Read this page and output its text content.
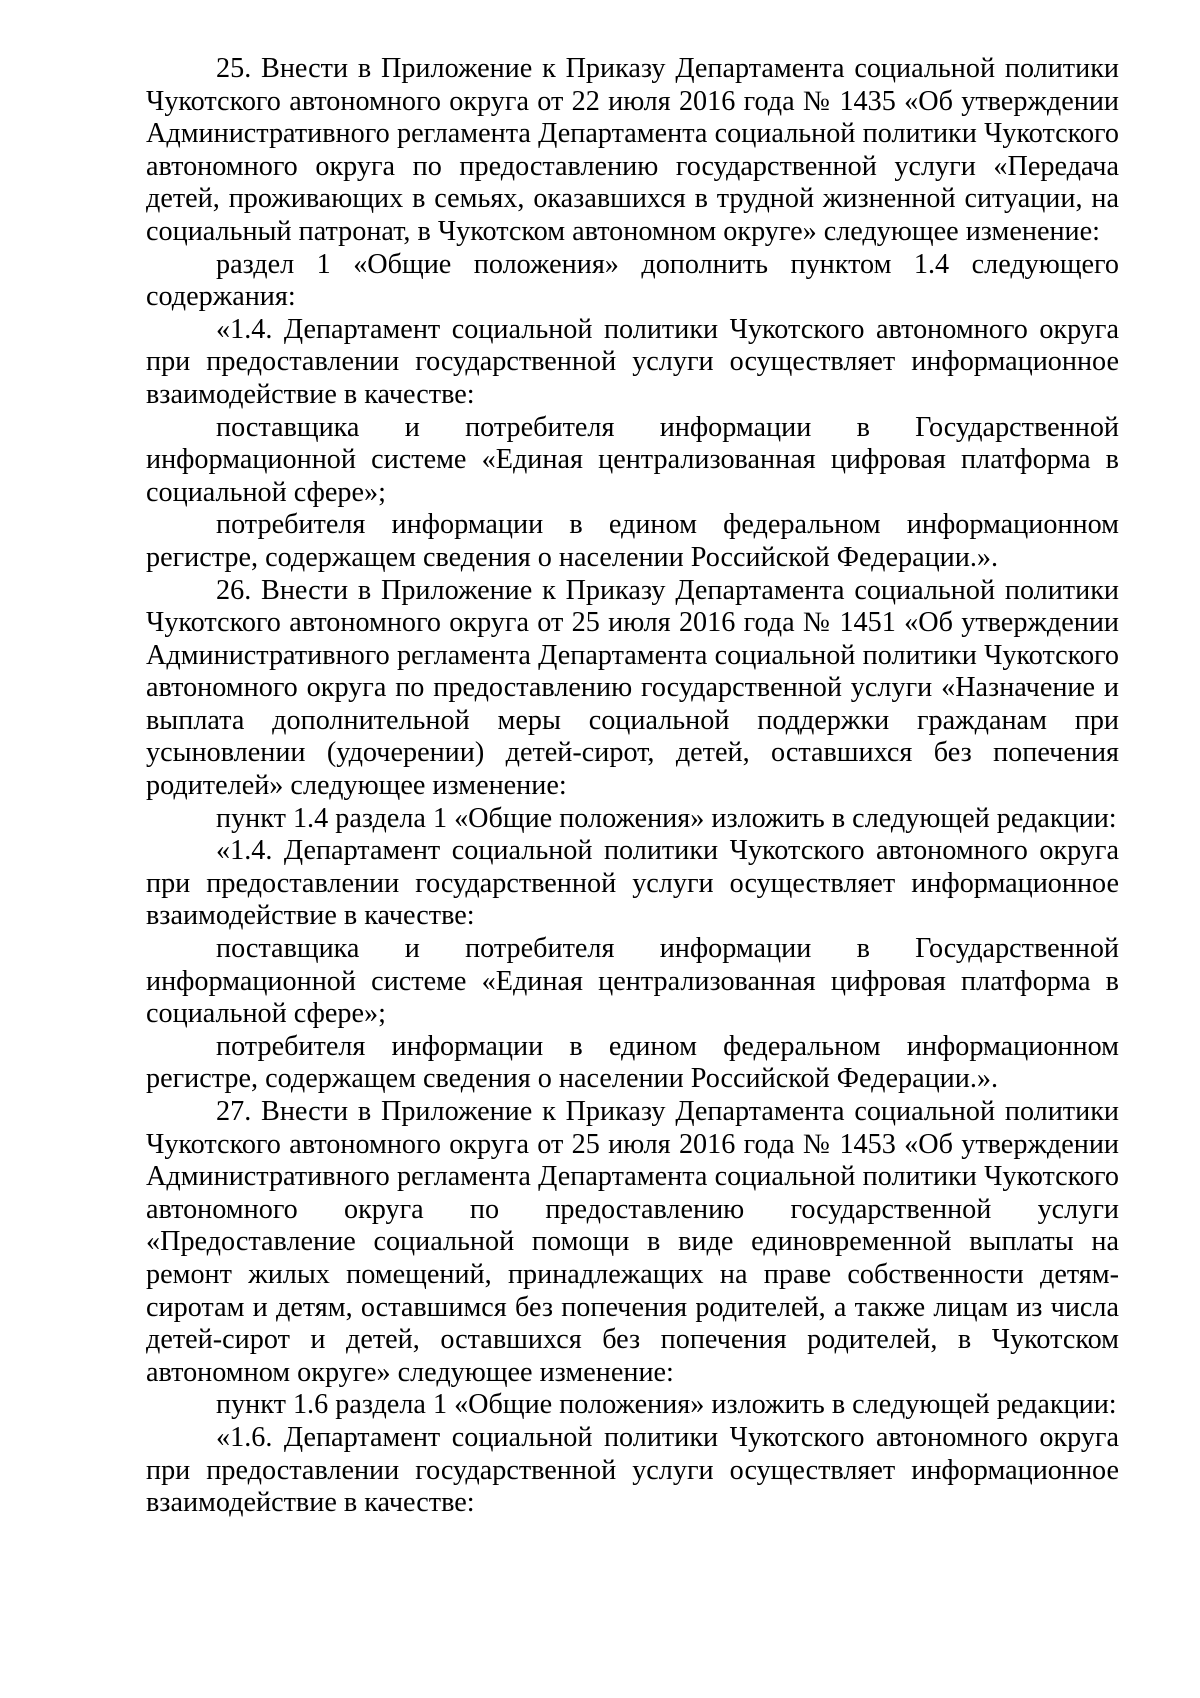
25. Внести в Приложение к Приказу Департамента социальной политики Чукотского автономного округа от 22 июля 2016 года № 1435 «Об утверждении Административного регламента Департамента социальной политики Чукотского автономного округа по предоставлению государственной услуги «Передача детей, проживающих в семьях, оказавшихся в трудной жизненной ситуации, на социальный патронат, в Чукотском автономном округе» следующее изменение:

раздел 1 «Общие положения» дополнить пунктом 1.4 следующего содержания:

«1.4. Департамент социальной политики Чукотского автономного округа при предоставлении государственной услуги осуществляет информационное взаимодействие в качестве:

поставщика и потребителя информации в Государственной информационной системе «Единая централизованная цифровая платформа в социальной сфере»;

потребителя информации в едином федеральном информационном регистре, содержащем сведения о населении Российской Федерации.».

26. Внести в Приложение к Приказу Департамента социальной политики Чукотского автономного округа от 25 июля 2016 года № 1451 «Об утверждении Административного регламента Департамента социальной политики Чукотского автономного округа по предоставлению государственной услуги «Назначение и выплата дополнительной меры социальной поддержки гражданам при усыновлении (удочерении) детей-сирот, детей, оставшихся без попечения родителей» следующее изменение:

пункт 1.4 раздела 1 «Общие положения» изложить в следующей редакции:

«1.4. Департамент социальной политики Чукотского автономного округа при предоставлении государственной услуги осуществляет информационное взаимодействие в качестве:

поставщика и потребителя информации в Государственной информационной системе «Единая централизованная цифровая платформа в социальной сфере»;

потребителя информации в едином федеральном информационном регистре, содержащем сведения о населении Российской Федерации.».

27. Внести в Приложение к Приказу Департамента социальной политики Чукотского автономного округа от 25 июля 2016 года № 1453 «Об утверждении Административного регламента Департамента социальной политики Чукотского автономного округа по предоставлению государственной услуги «Предоставление социальной помощи в виде единовременной выплаты на ремонт жилых помещений, принадлежащих на праве собственности детям-сиротам и детям, оставшимся без попечения родителей, а также лицам из числа детей-сирот и детей, оставшихся без попечения родителей, в Чукотском автономном округе» следующее изменение:

пункт 1.6 раздела 1 «Общие положения» изложить в следующей редакции:

«1.6. Департамент социальной политики Чукотского автономного округа при предоставлении государственной услуги осуществляет информационное взаимодействие в качестве:
